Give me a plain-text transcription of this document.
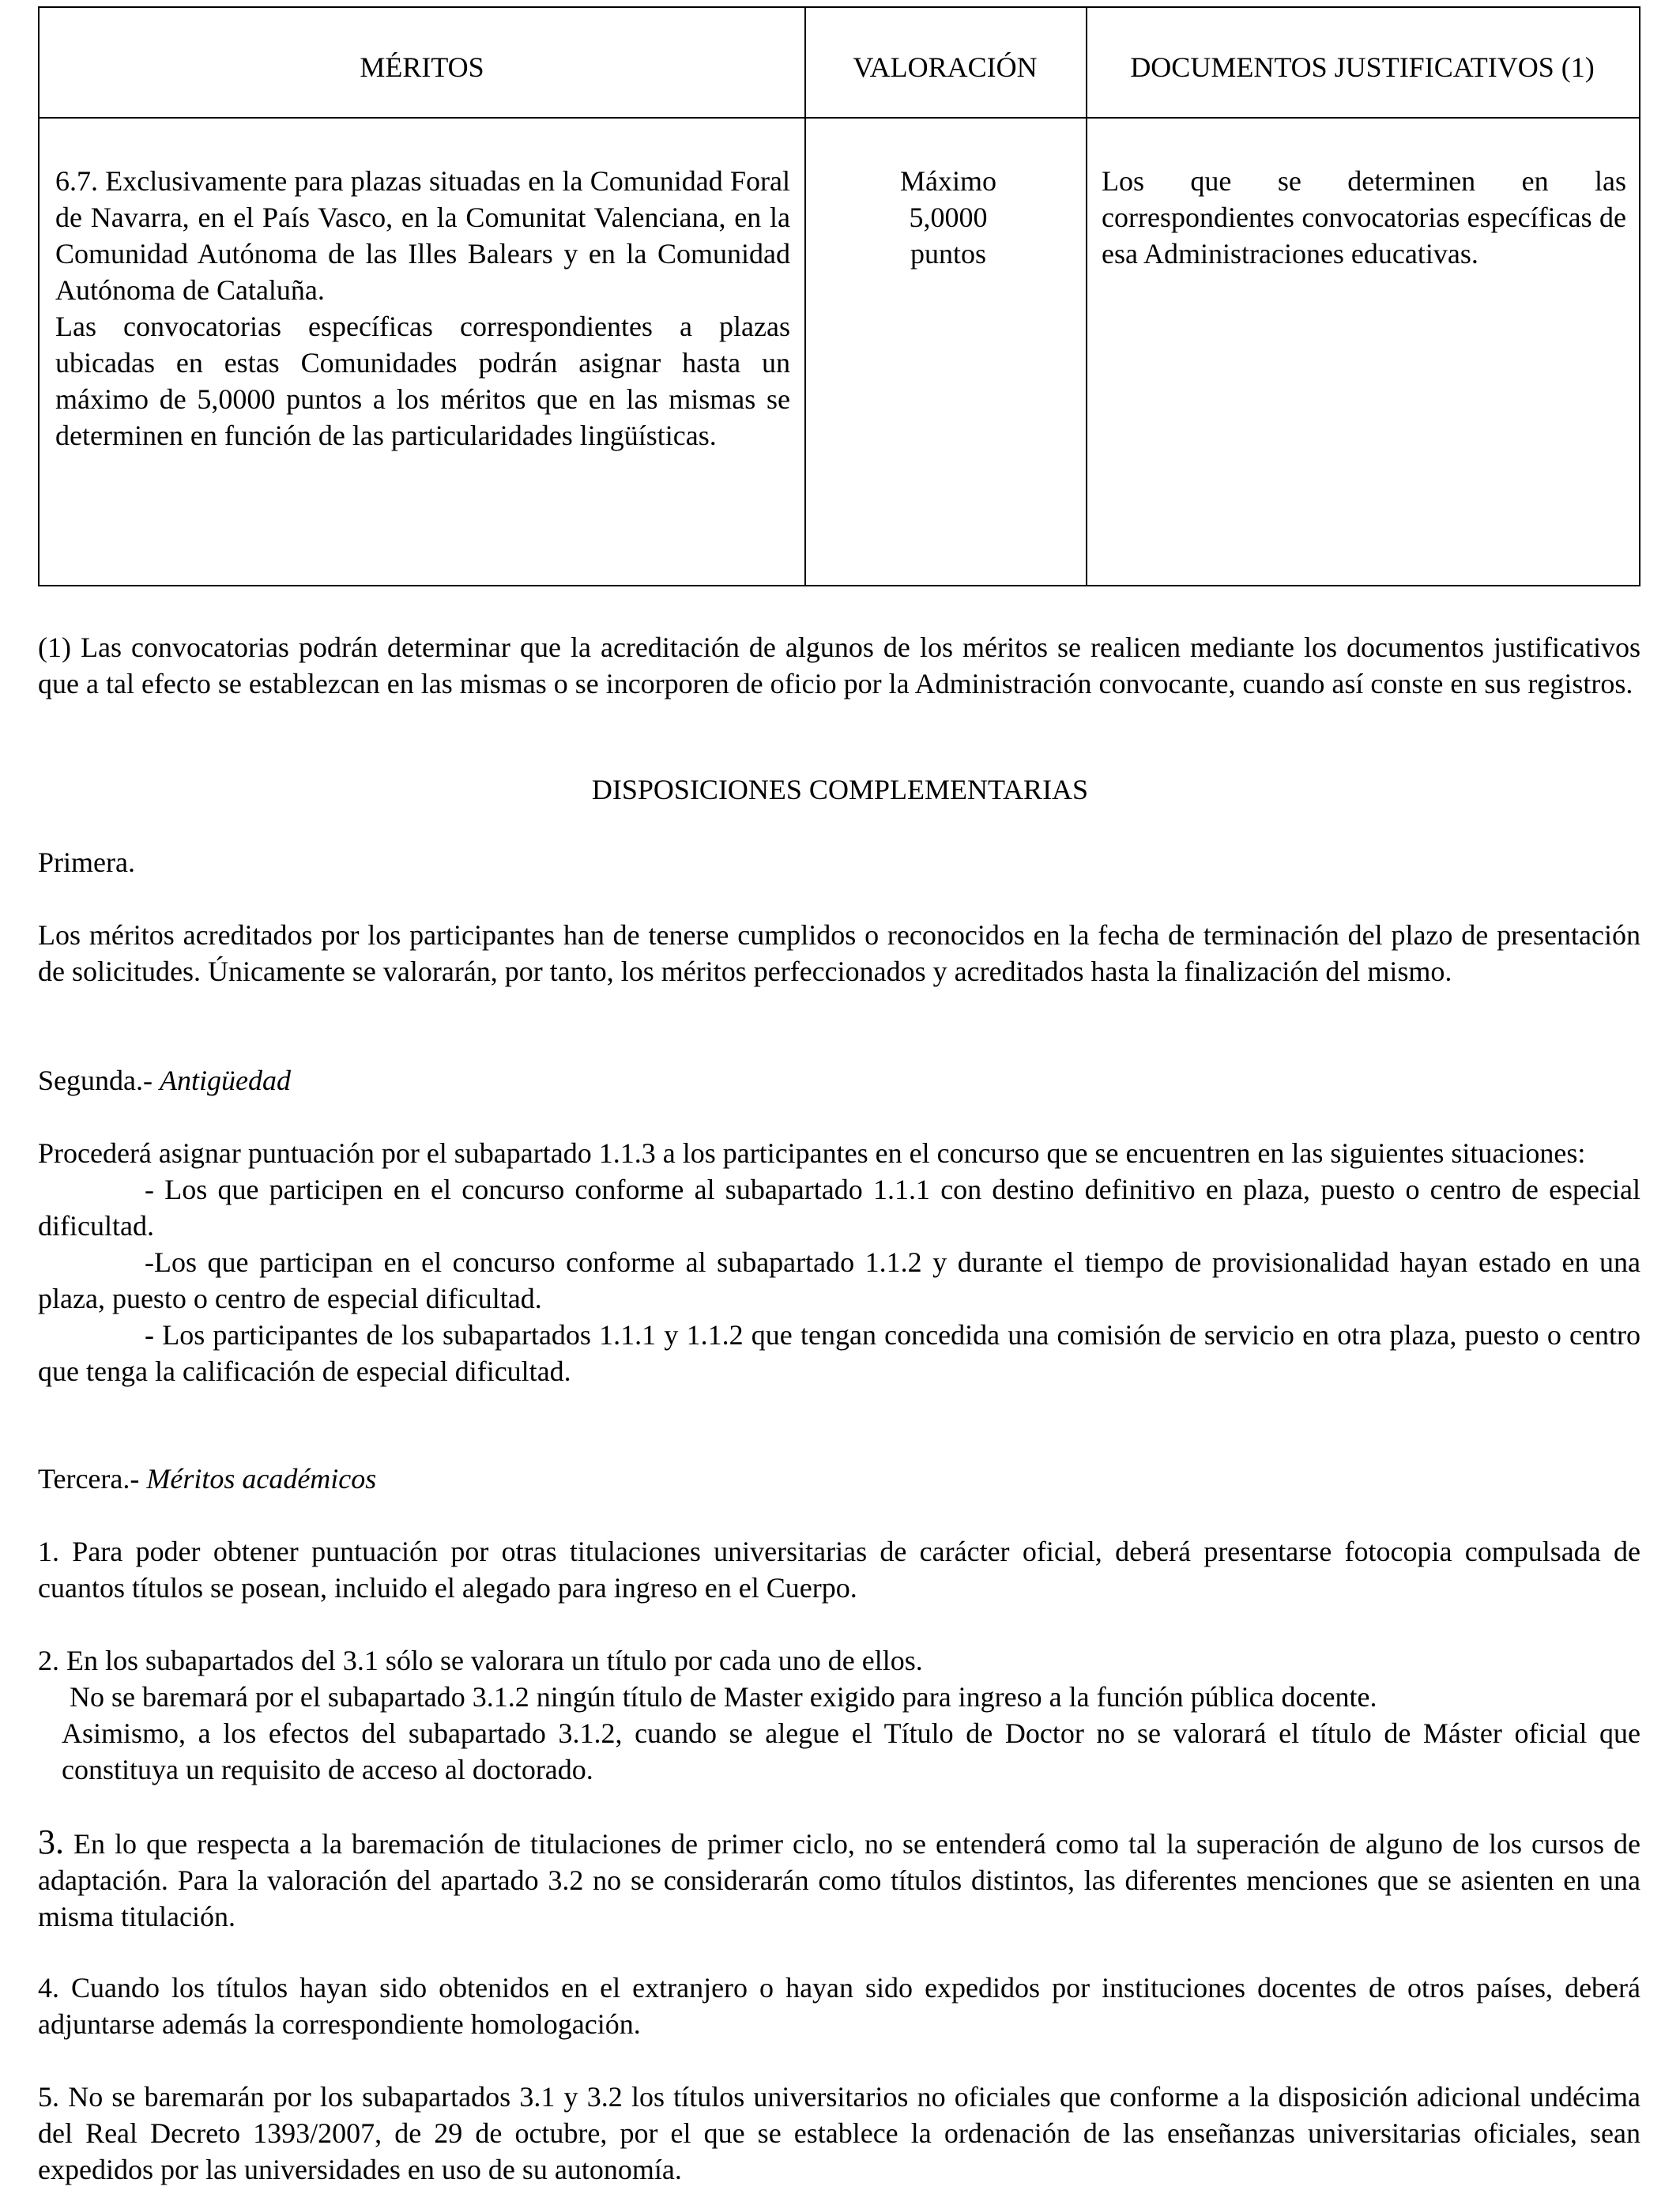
MÉRITOS	VALORACIÓN	DOCUMENTOS JUSTIFICATIVOS (1)

6.7. Exclusivamente para plazas situadas en la Comunidad Foral de Navarra, en el País Vasco, en la Comunitat Valenciana, en la Comunidad Autónoma de las Illes Balears y en la Comunidad Autónoma de Cataluña.

Las convocatorias específicas correspondientes a plazas ubicadas en estas Comunidades podrán asignar hasta un máximo de 5,0000 puntos a los méritos que en las mismas se determinen en función de las particularidades lingüísticas.

Máximo 5,0000 puntos
Los que se determinen en las correspondientes convocatorias específicas de esa Administraciones educativas.
(1) Las convocatorias podrán determinar que la acreditación de algunos de los méritos se realicen mediante los documentos justificativos que a tal efecto se establezcan en las mismas o se incorporen de oficio por la Administración convocante, cuando así conste en sus registros.
DISPOSICIONES COMPLEMENTARIAS
Primera.
Los méritos acreditados por los participantes han de tenerse cumplidos o reconocidos en la fecha de terminación del plazo de presentación de solicitudes. Únicamente se valorarán, por tanto, los méritos perfeccionados y acreditados hasta la finalización del mismo.
Segunda.- Antigüedad

Procederá asignar puntuación por el subapartado 1.1.3 a los participantes en el concurso que se encuentren en las siguientes situaciones:

- Los que participen en el concurso conforme al subapartado 1.1.1 con destino definitivo en plaza, puesto o centro de especial dificultad.

-Los que participan en el concurso conforme al subapartado 1.1.2 y durante el tiempo de provisionalidad hayan estado en una plaza, puesto o centro de especial dificultad.

- Los participantes de los subapartados 1.1.1 y 1.1.2 que tengan concedida una comisión de servicio en otra plaza, puesto o centro que tenga la calificación de especial dificultad.

Tercera.- Méritos académicos
1. Para poder obtener puntuación por otras titulaciones universitarias de carácter oficial, deberá presentarse fotocopia compulsada de cuantos títulos se posean, incluido el alegado para ingreso en el Cuerpo.

2. En los subapartados del 3.1 sólo se valorara un título por cada uno de ellos.

No se baremará por el subapartado 3.1.2 ningún título de Master exigido para ingreso a la función pública docente.

Asimismo, a los efectos del subapartado 3.1.2, cuando se alegue el Título de Doctor no se valorará el título de Máster oficial que constituya un requisito de acceso al doctorado.

3. En lo que respecta a la baremación de titulaciones de primer ciclo, no se entenderá como tal la superación de alguno de los cursos de adaptación. Para la valoración del apartado 3.2 no se considerarán como títulos distintos, las diferentes menciones que se asienten en una misma titulación.
4. Cuando los títulos hayan sido obtenidos en el extranjero o hayan sido expedidos por instituciones docentes de otros países, deberá adjuntarse además la correspondiente homologación.
5. No se baremarán por los subapartados 3.1 y 3.2 los títulos universitarios no oficiales que conforme a la disposición adicional undécima del Real Decreto 1393/2007, de 29 de octubre, por el que se establece la ordenación de las enseñanzas universitarias oficiales, sean expedidos por las universidades en uso de su autonomía.
